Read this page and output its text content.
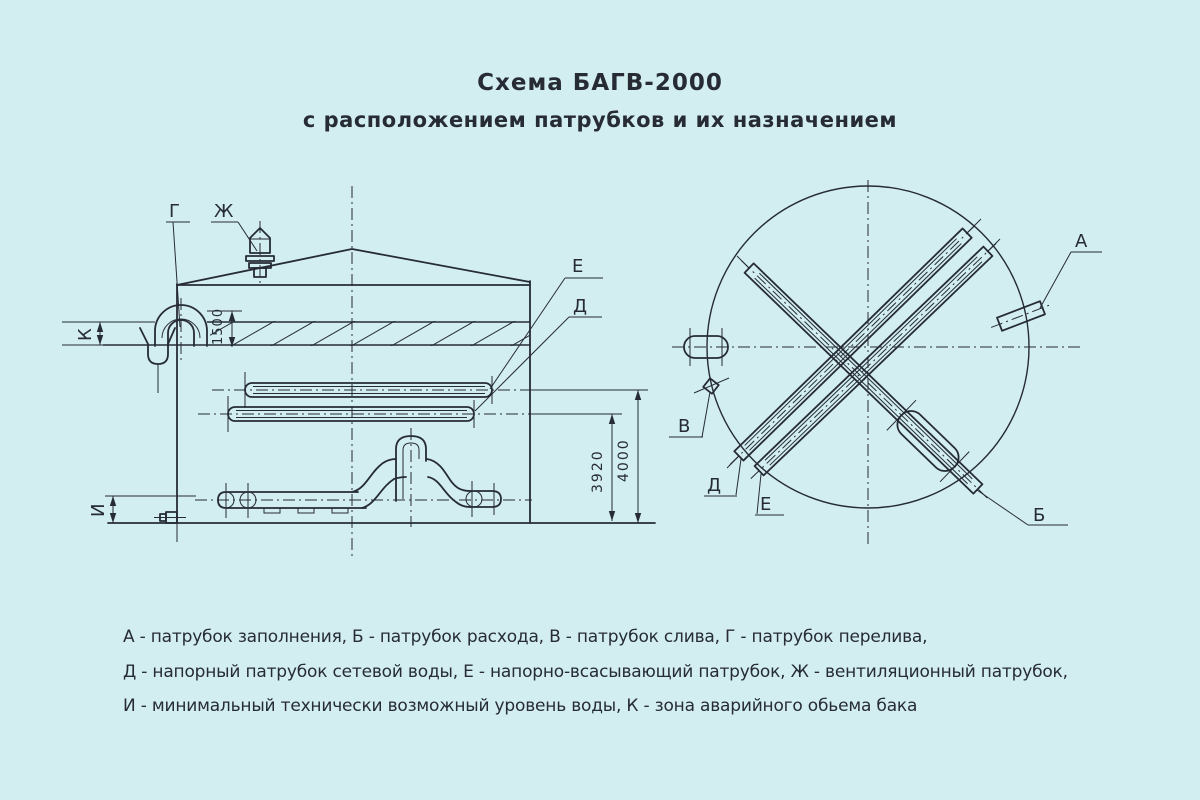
Схема БАГВ-2000
с расположением патрубков и их назначением
К	1500
3920 4000
И
Г Ж
Е
Д
А
В
Д
Е
Б
А - патрубок заполнения, Б - патрубок расхода, В - патрубок слива, Г - патрубок перелива,
Д - напорный патрубок сетевой воды, Е - напорно-всасывающий патрубок, Ж - вентиляционный патрубок,
И - минимальный технически возможный уровень воды, К - зона аварийного обьема бака
